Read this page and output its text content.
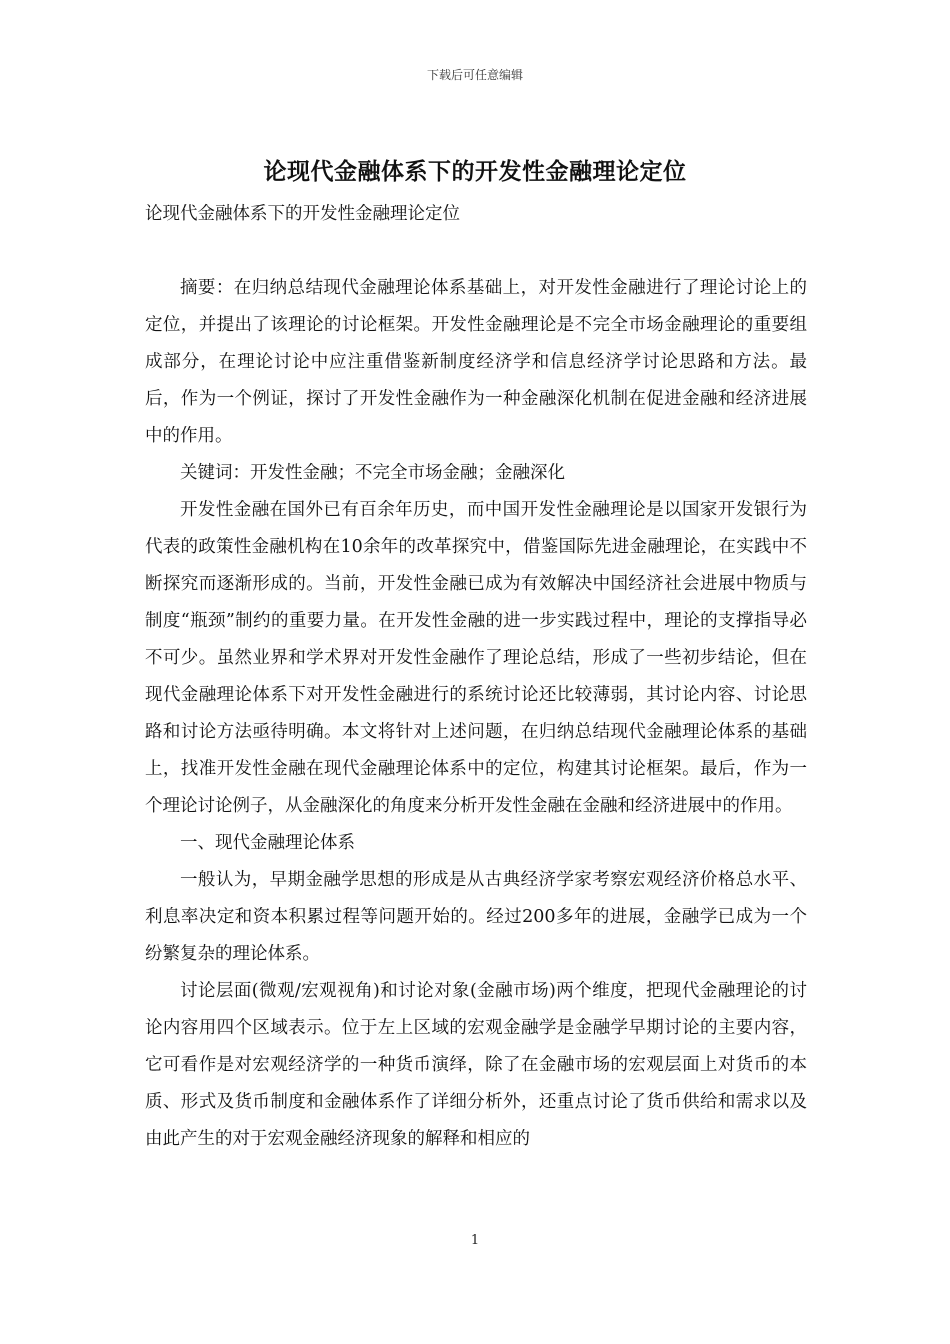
下载后可任意编辑
论现代金融体系下的开发性金融理论定位

论现代金融体系下的开发性金融理论定位

摘要：在归纳总结现代金融理论体系基础上，对开发性金融进行了理论讨论上的定位，并提出了该理论的讨论框架。开发性金融理论是不完全市场金融理论的重要组成部分，在理论讨论中应注重借鉴新制度经济学和信息经济学讨论思路和方法。最后，作为一个例证，探讨了开发性金融作为一种金融深化机制在促进金融和经济进展中的作用。

关键词：开发性金融；不完全市场金融；金融深化

开发性金融在国外已有百余年历史，而中国开发性金融理论是以国家开发银行为代表的政策性金融机构在10余年的改革探究中，借鉴国际先进金融理论，在实践中不断探究而逐渐形成的。当前，开发性金融已成为有效解决中国经济社会进展中物质与制度“瓶颈”制约的重要力量。在开发性金融的进一步实践过程中，理论的支撑指导必不可少。虽然业界和学术界对开发性金融作了理论总结，形成了一些初步结论，但在现代金融理论体系下对开发性金融进行的系统讨论还比较薄弱，其讨论内容、讨论思路和讨论方法亟待明确。本文将针对上述问题，在归纳总结现代金融理论体系的基础上，找准开发性金融在现代金融理论体系中的定位，构建其讨论框架。最后，作为一个理论讨论例子，从金融深化的角度来分析开发性金融在金融和经济进展中的作用。

一、现代金融理论体系

一般认为，早期金融学思想的形成是从古典经济学家考察宏观经济价格总水平、利息率决定和资本积累过程等问题开始的。经过200多年的进展，金融学已成为一个纷繁复杂的理论体系。

讨论层面(微观/宏观视角)和讨论对象(金融市场)两个维度，把现代金融理论的讨论内容用四个区域表示。位于左上区域的宏观金融学是金融学早期讨论的主要内容，它可看作是对宏观经济学的一种货币演绎，除了在金融市场的宏观层面上对货币的本质、形式及货币制度和金融体系作了详细分析外，还重点讨论了货币供给和需求以及由此产生的对于宏观金融经济现象的解释和相应的

1
